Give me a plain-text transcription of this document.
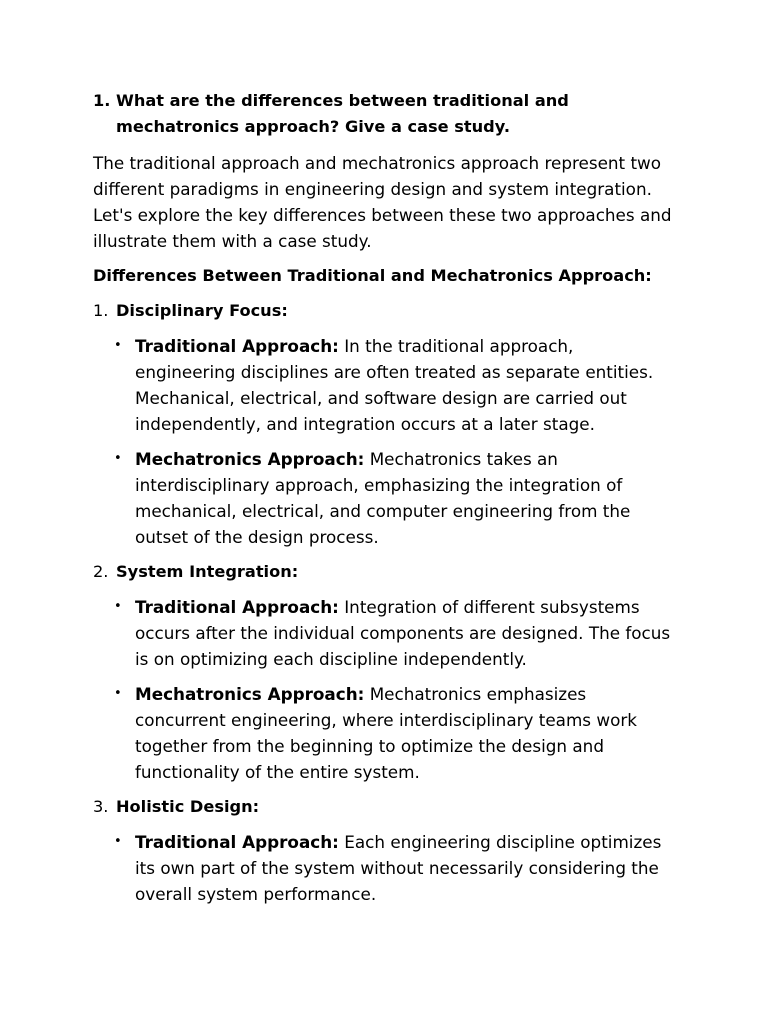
1. What are the differences between traditional and mechatronics approach? Give a case study.

The traditional approach and mechatronics approach represent two different paradigms in engineering design and system integration. Let's explore the key differences between these two approaches and illustrate them with a case study.

Differences Between Traditional and Mechatronics Approach:
1. Disciplinary Focus:
• Traditional Approach: In the traditional approach, engineering disciplines are often treated as separate entities. Mechanical, electrical, and software design are carried out independently, and integration occurs at a later stage.
• Mechatronics Approach: Mechatronics takes an interdisciplinary approach, emphasizing the integration of mechanical, electrical, and computer engineering from the outset of the design process.
2. System Integration:
• Traditional Approach: Integration of different subsystems occurs after the individual components are designed. The focus is on optimizing each discipline independently.
• Mechatronics Approach: Mechatronics emphasizes concurrent engineering, where interdisciplinary teams work together from the beginning to optimize the design and functionality of the entire system.
3. Holistic Design:
• Traditional Approach: Each engineering discipline optimizes its own part of the system without necessarily considering the overall system performance.
